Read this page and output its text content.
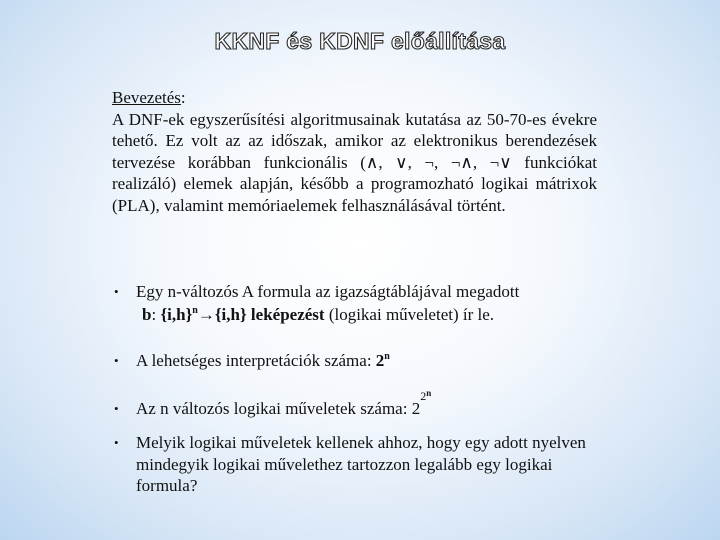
KKNF és KDNF előállítása
Bevezetés:
A DNF-ek egyszerűsítési algoritmusainak kutatása az 50-70-es évekre tehető. Ez volt az az időszak, amikor az elektronikus berendezések tervezése korábban funkcionális (∧, ∨, ¬, ¬∧, ¬∨ funkciókat realizáló) elemek alapján, később a programozható logikai mátrixok (PLA), valamint memóriaelemek felhasználásával történt.
• Egy n-változós A formula az igazságtáblájával megadott
b: $\{i,h\}^n\to\{i,h\}$ leképezést (logikai műveletet) ír le.
• A lehetséges interpretációk száma: 2$^n$
• Az n változós logikai műveletek száma: $2^{2n}$
• Melyik logikai műveletek kellenek ahhoz, hogy egy adott nyelven mindegyik logikai művelethez tartozzon legalább egy logikai formula?
